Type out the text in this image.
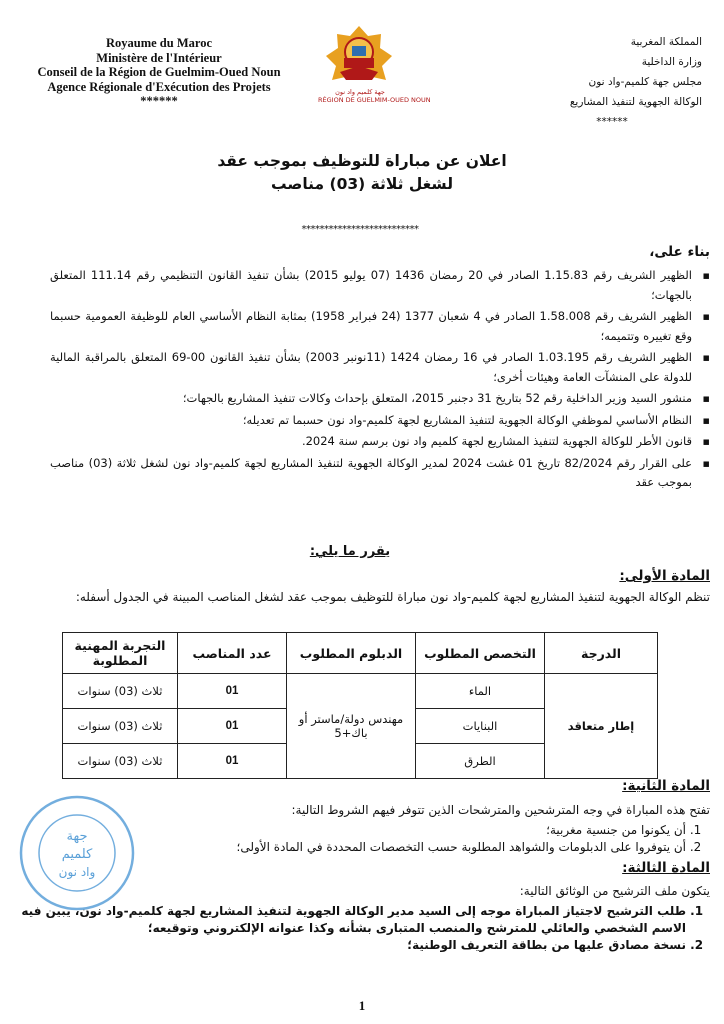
Royaume du Maroc
Ministère de l'Intérieur
Conseil de la Région de Guelmim-Oued Noun
Agence Régionale d'Exécution des Projets
******
جهة كلميم واد نون
RÉGION DE GUELMIM-OUED NOUN
المملكة المغربية
وزارة الداخلية
مجلس جهة كلميم-واد نون
الوكالة الجهوية لتنفيذ المشاريع
******
اعلان عن مباراة للتوظيف بموجب عقد
لشغل ثلاثة (03) مناصب
**************************
بناء على،
▪ الظهير الشريف رقم 1.15.83 الصادر في 20 رمضان 1436 (07 يوليو 2015) بشأن تنفيذ القانون التنظيمي رقم 111.14 المتعلق بالجهات؛
▪ الظهير الشريف رقم 1.58.008 الصادر في 4 شعبان 1377 (24 فبراير 1958) بمثابة النظام الأساسي العام للوظيفة العمومية حسبما وقع تغييره وتتميمه؛
▪ الظهير الشريف رقم 1.03.195 الصادر في 16 رمضان 1424 (11نونبر 2003) بشأن تنفيذ القانون 00-69 المتعلق بالمراقبة المالية للدولة على المنشآت العامة وهيئات أخرى؛
▪ منشور السيد وزير الداخلية رقم 52 بتاريخ 31 دجنبر 2015، المتعلق بإحداث وكالات تنفيذ المشاريع بالجهات؛
▪ النظام الأساسي لموظفي الوكالة الجهوية لتنفيذ المشاريع لجهة كلميم-واد نون حسبما تم تعديله؛
▪ قانون الأطر للوكالة الجهوية لتنفيذ المشاريع لجهة كلميم واد نون برسم سنة 2024.
▪ على القرار رقم 82/2024 تاريخ 01 غشت 2024 لمدير الوكالة الجهوية لتنفيذ المشاريع لجهة كلميم-واد نون لشغل ثلاثة (03) مناصب بموجب عقد
يقرر ما يلي:
المادة الأولى:
تنظم الوكالة الجهوية لتنفيذ المشاريع لجهة كلميم-واد نون مباراة للتوظيف بموجب عقد لشغل المناصب المبينة في الجدول أسفله:
الدرجة	التخصص المطلوب	الدبلوم المطلوب	عدد المناصب	التجربة المهنية المطلوبة
إطار متعاقد	الماء	مهندس دولة/ماستر أو باك+5	01	ثلاث (03) سنوات
	البنايات		01	ثلاث (03) سنوات
	الطرق		01	ثلاث (03) سنوات
المادة الثانية:
تفتح هذه المباراة في وجه المترشحين والمترشحات الذين تتوفر فيهم الشروط التالية:
1. أن يكونوا من جنسية مغربية؛
2. أن يتوفروا على الدبلومات والشواهد المطلوبة حسب التخصصات المحددة في المادة الأولى؛
المادة الثالثة:
يتكون ملف الترشيح من الوثائق التالية:
1. طلب الترشيح لاجتياز المباراة موجه إلى السيد مدير الوكالة الجهوية لتنفيذ المشاريع لجهة كلميم-واد نون، يبين فيه الاسم الشخصي والعائلي للمترشح والمنصب المتبارى بشأنه وكذا عنوانه الإلكتروني وتوقيعه؛
2. نسخة مصادق عليها من بطاقة التعريف الوطنية؛
جهة
كلميم
واد نون
1
